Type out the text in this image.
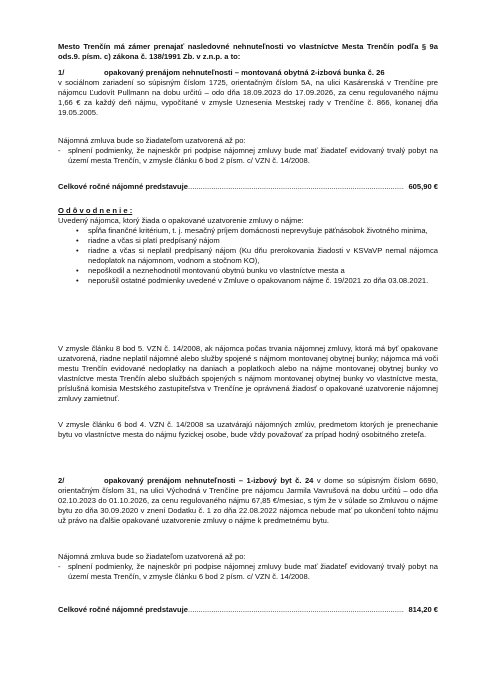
Mesto Trenčín má zámer prenajať nasledovné nehnuteľnosti vo vlastníctve Mesta Trenčín podľa § 9a ods.9. písm. c) zákona č. 138/1991 Zb. v z.n.p. a to:

1/	opakovaný prenájom nehnuteľnosti – montovaná obytná 2-izbová bunka č. 26

v sociálnom zariadení so súpisným číslom 1725, orientačným číslom 5A, na ulici Kasárenská v Trenčíne pre nájomcu Ľudovít Pullmann na dobu určitú – odo dňa 18.09.2023 do 17.09.2026, za cenu regulovaného nájmu 1,66 € za každý deň nájmu, vypočítané v zmysle Uznesenia Mestskej rady v Trenčíne č. 866, konanej dňa 19.05.2005.

Nájomná zmluva bude so žiadateľom uzatvorená až po:

- splnení podmienky, že najneskôr pri podpise nájomnej zmluvy bude mať žiadateľ evidovaný trvalý pobyt na území mesta Trenčín, v zmysle článku 6 bod 2 písm. c/ VZN č. 14/2008.
Celkové ročné nájomné predstavuje .....	605,90 €

O d ô v o d n e n i e :

Uvedený nájomca, ktorý žiada o opakované uzatvorenie zmluvy o nájme:

• spĺňa finančné kritérium, t. j. mesačný príjem domácnosti neprevyšuje päťnásobok životného minima,
• riadne a včas si platí predpísaný nájom
• riadne a včas si neplatil predpísaný nájom (Ku dňu prerokovania žiadosti v KSVaVP nemal nájomca nedoplatok na nájomnom, vodnom a stočnom KO),
• nepoškodil a neznehodnotil montovanú obytnú bunku vo vlastníctve mesta a
• neporušil ostatné podmienky uvedené v Zmluve o opakovanom nájme č. 19/2021 zo dňa 03.08.2021.

V zmysle článku 8 bod 5. VZN č. 14/2008, ak nájomca počas trvania nájomnej zmluvy, ktorá má byť opakovane uzatvorená, riadne neplatil nájomné alebo služby spojené s nájmom montovanej obytnej bunky; nájomca má voči mestu Trenčín evidované nedoplatky na daniach a poplatkoch alebo na nájme montovanej obytnej bunky vo vlastníctve mesta Trenčín alebo službách spojených s nájmom montovanej obytnej bunky vo vlastníctve mesta, príslušná komisia Mestského zastupiteľstva v Trenčíne je oprávnená žiadosť o opakované uzatvorenie nájomnej zmluvy zamietnuť.

V zmysle článku 6 bod 4. VZN č. 14/2008 sa uzatvárajú nájomných zmlúv, predmetom ktorých je prenechanie bytu vo vlastníctve mesta do nájmu fyzickej osobe, bude vždy považovať za prípad hodný osobitného zreteľa.

2/	opakovaný prenájom nehnuteľnosti – 1-izbový byt č. 24 v dome so súpisným číslom 6690, orientačným číslom 31, na ulici Východná v Trenčíne pre nájomcu Jarmila Vavrušová na dobu určitú – odo dňa 02.10.2023 do 01.10.2026, za cenu regulovaného nájmu 67,85 €/mesiac, s tým že v súlade so Zmluvou o nájme bytu zo dňa 30.09.2020 v znení Dodatku č. 1 zo dňa 22.08.2022 nájomca nebude mať po ukončení tohto nájmu už právo na ďalšie opakované uzatvorenie zmluvy o nájme k predmetnému bytu.

Nájomná zmluva bude so žiadateľom uzatvorená až po:

- splnení podmienky, že najneskôr pri podpise nájomnej zmluvy bude mať žiadateľ evidovaný trvalý pobyt na území mesta Trenčín, v zmysle článku 6 bod 2 písm. c/ VZN č. 14/2008.
Celkové ročné nájomné predstavuje .....	814,20 €
